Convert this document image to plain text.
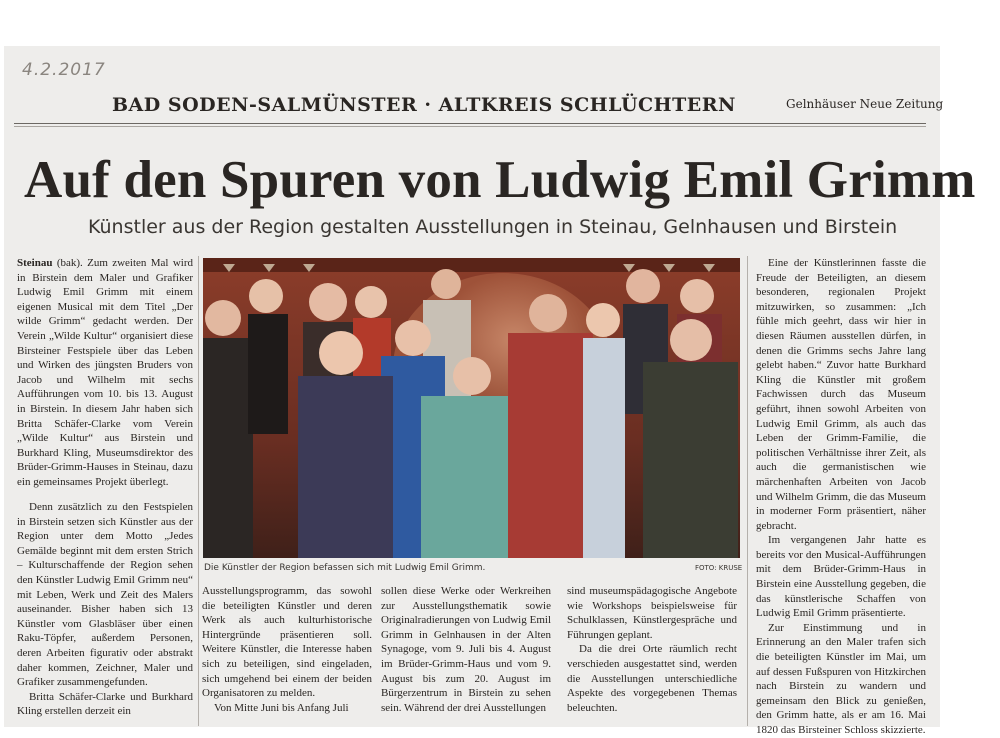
4.2.2017
BAD SODEN-SALMÜNSTER · ALTKREIS SCHLÜCHTERN	Gelnhäuser Neue Zeitung
Auf den Spuren von Ludwig Emil Grimm
Künstler aus der Region gestalten Ausstellungen in Steinau, Gelnhausen und Birstein

Steinau (bak). Zum zweiten Mal wird in Birstein dem Maler und Grafiker Ludwig Emil Grimm mit einem eigenen Musical mit dem Titel „Der wilde Grimm“ gedacht werden. Der Verein „Wilde Kultur“ organisiert diese Birsteiner Festspiele über das Leben und Wirken des jüngsten Bruders von Jacob und Wilhelm mit sechs Aufführungen vom 10. bis 13. August in Birstein. In diesem Jahr haben sich Britta Schäfer-Clarke vom Verein „Wilde Kultur“ aus Birstein und Burkhard Kling, Museumsdirektor des Brüder-Grimm-Hauses in Steinau, dazu ein gemeinsames Projekt überlegt.

Denn zusätzlich zu den Festspielen in Birstein setzen sich Künstler aus der Region unter dem Motto „Jedes Gemälde beginnt mit dem ersten Strich – Kulturschaffende der Region sehen den Künstler Ludwig Emil Grimm neu“ mit Leben, Werk und Zeit des Malers auseinander. Bisher haben sich 13 Künstler vom Glasbläser über einen Raku-Töpfer, außerdem Personen, deren Arbeiten figurativ oder abstrakt daher kommen, Zeichner, Maler und Grafiker zusammengefunden.

Britta Schäfer-Clarke und Burkhard Kling erstellen derzeit ein

Die Künstler der Region befassen sich mit Ludwig Emil Grimm.	FOTO: KRUSE

Ausstellungsprogramm, das sowohl die beteiligten Künstler und deren Werk als auch kulturhistorische Hintergründe präsentieren soll. Weitere Künstler, die Interesse haben sich zu beteiligen, sind eingeladen, sich umgehend bei einem der beiden Organisatoren zu melden.

Von Mitte Juni bis Anfang Juli

sollen diese Werke oder Werkreihen zur Ausstellungsthematik sowie Originalradierungen von Ludwig Emil Grimm in Gelnhausen in der Alten Synagoge, vom 9. Juli bis 4. August im Brüder-Grimm-Haus und vom 9. August bis zum 20. August im Bürgerzentrum in Birstein zu sehen sein. Während der drei Ausstellungen

sind museumspädagogische Angebote wie Workshops beispielsweise für Schulklassen, Künstlergespräche und Führungen geplant.

Da die drei Orte räumlich recht verschieden ausgestattet sind, werden die Ausstellungen unterschiedliche Aspekte des vorgegebenen Themas beleuchten.

Eine der Künstlerinnen fasste die Freude der Beteiligten, an diesem besonderen, regionalen Projekt mitzuwirken, so zusammen: „Ich fühle mich geehrt, dass wir hier in diesen Räumen ausstellen dürfen, in denen die Grimms sechs Jahre lang gelebt haben.“ Zuvor hatte Burkhard Kling die Künstler mit großem Fachwissen durch das Museum geführt, ihnen sowohl Arbeiten von Ludwig Emil Grimm, als auch das Leben der Grimm-Familie, die politischen Verhältnisse ihrer Zeit, als auch die germanistischen wie märchenhaften Arbeiten von Jacob und Wilhelm Grimm, die das Museum in moderner Form präsentiert, näher gebracht.

Im vergangenen Jahr hatte es bereits vor den Musical-Aufführungen mit dem Brüder-Grimm-Haus in Birstein eine Ausstellung gegeben, die das künstlerische Schaffen von Ludwig Emil Grimm präsentierte.

Zur Einstimmung und in Erinnerung an den Maler trafen sich die beteiligten Künstler im Mai, um auf dessen Fußspuren von Hitzkirchen nach Birstein zu wandern und gemeinsam den Blick zu genießen, den Grimm hatte, als er am 16. Mai 1820 das Birsteiner Schloss skizzierte.
